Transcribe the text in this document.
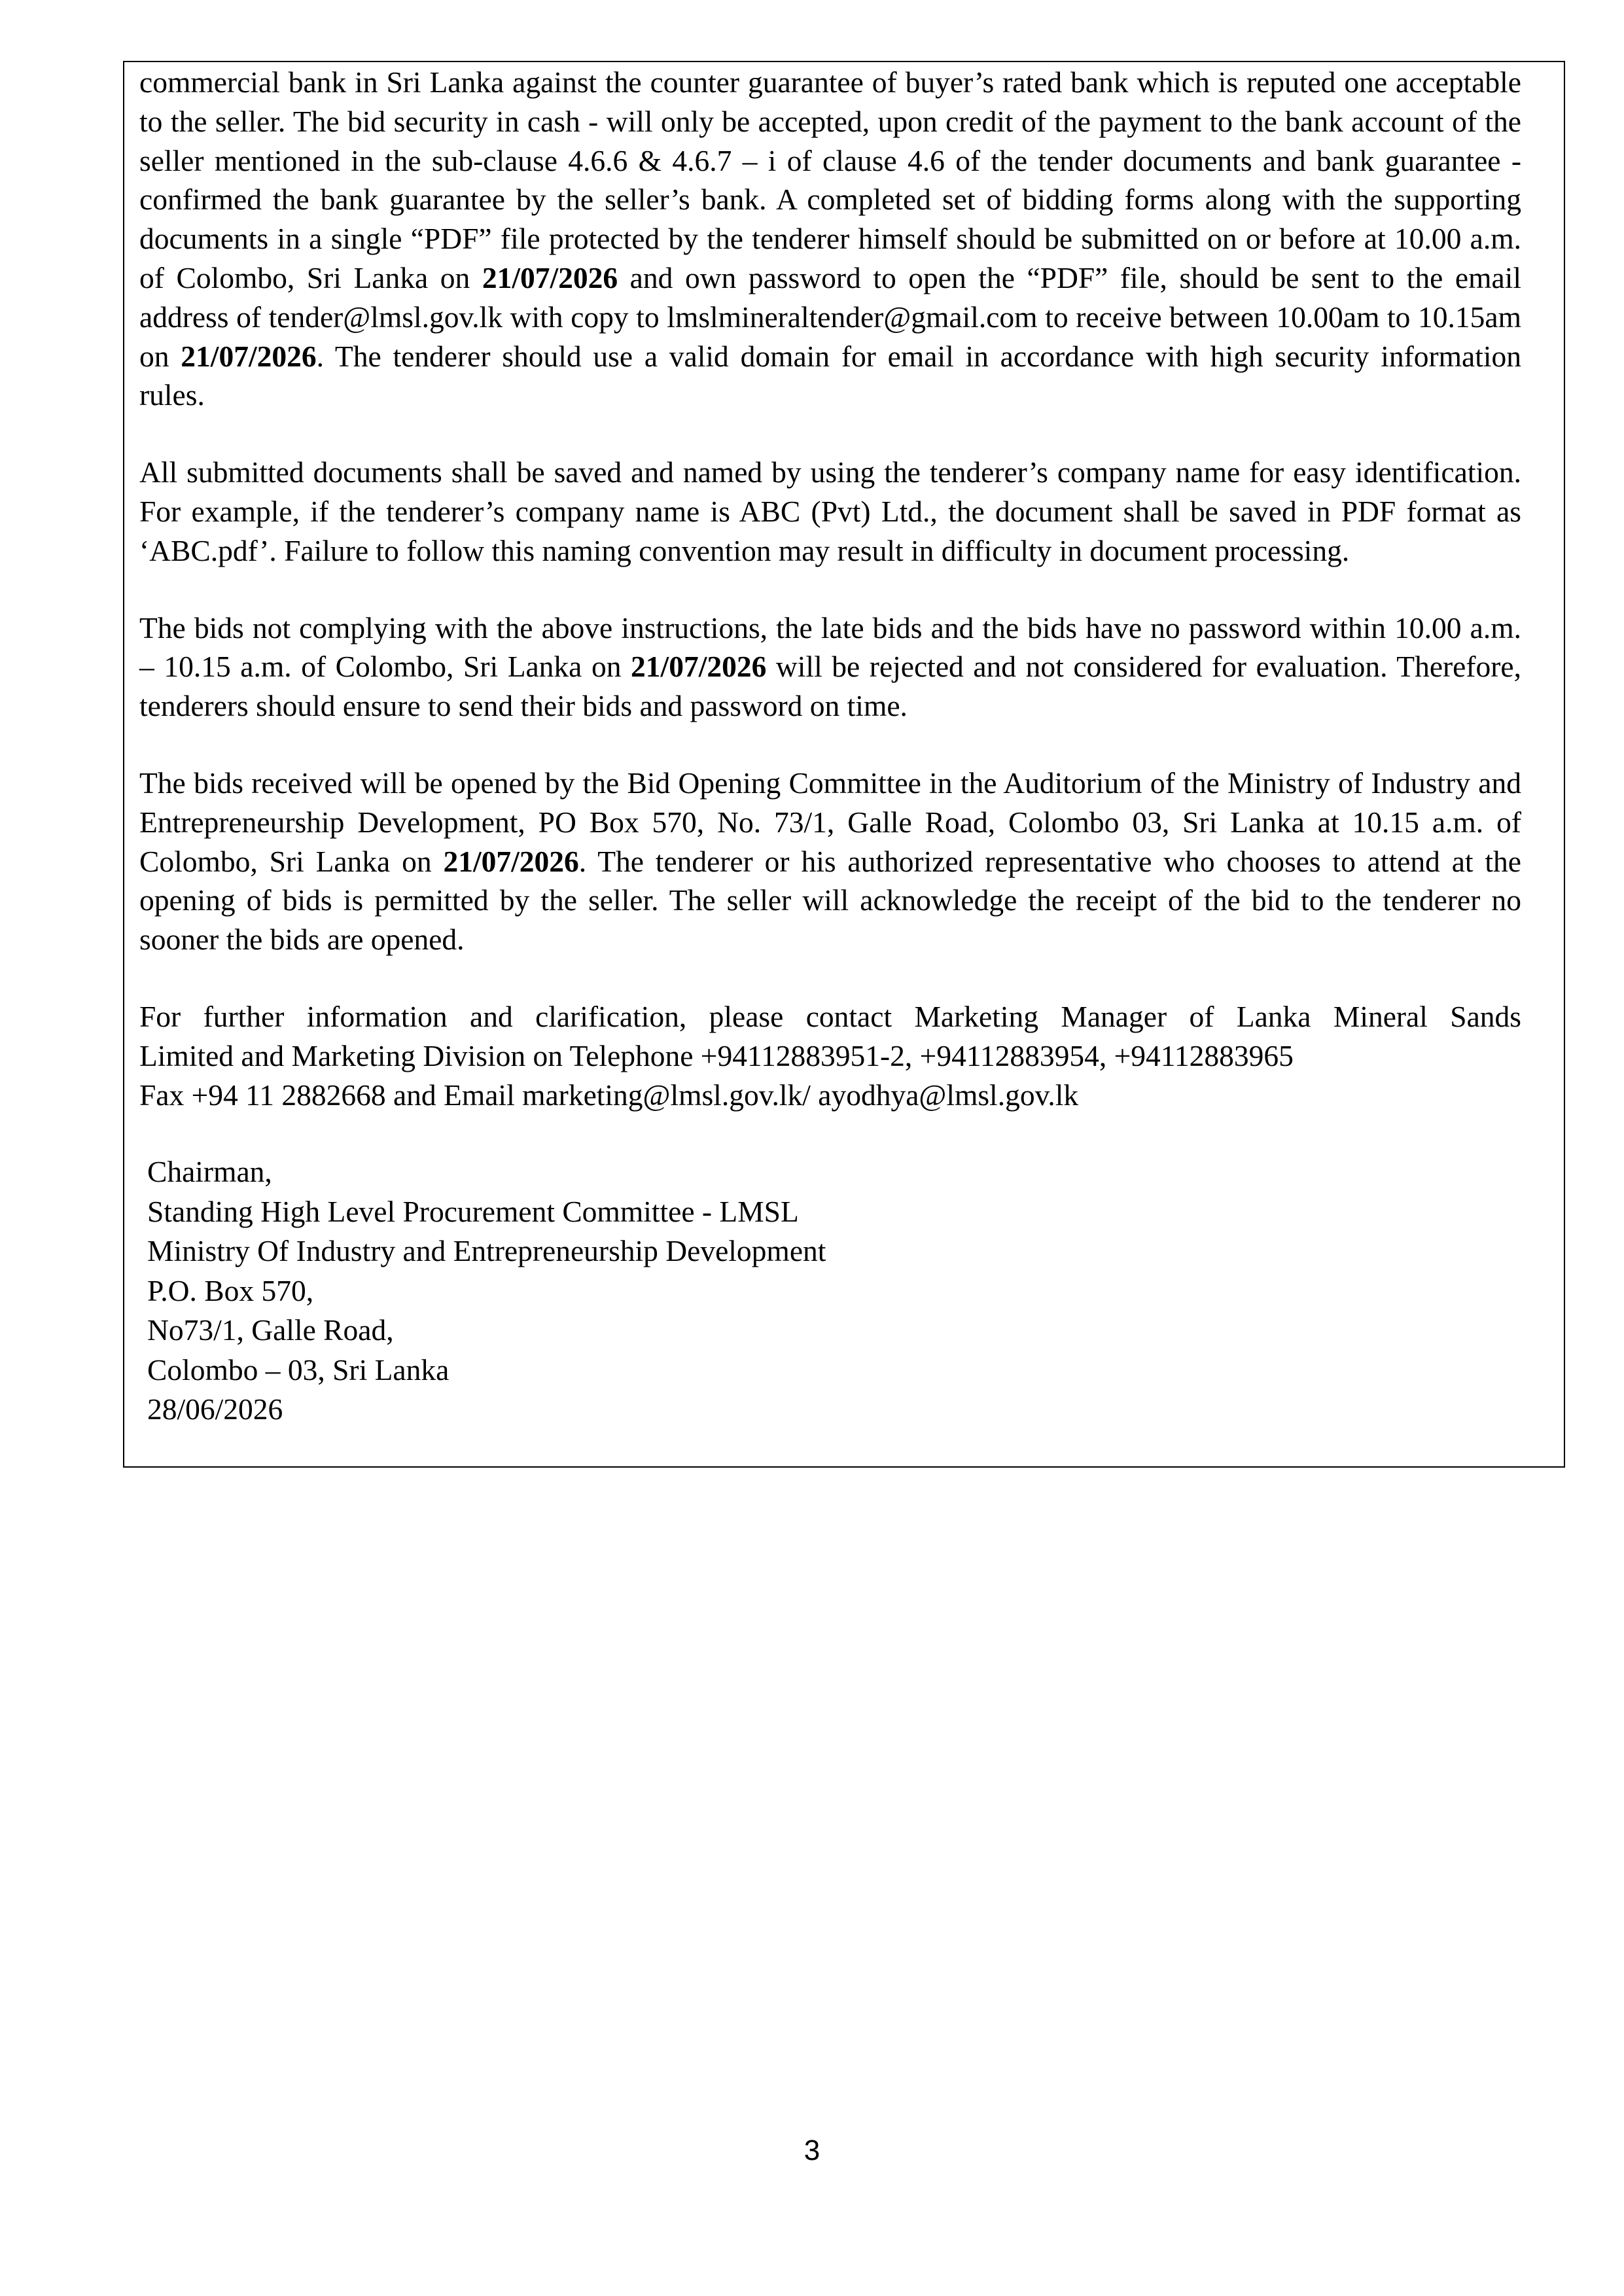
commercial bank in Sri Lanka against the counter guarantee of buyer’s rated bank which is reputed one acceptable to the seller. The bid security in cash - will only be accepted, upon credit of the payment to the bank account of the seller mentioned in the sub-clause 4.6.6 & 4.6.7 – i of clause 4.6 of the tender documents and bank guarantee - confirmed the bank guarantee by the seller’s bank. A completed set of bidding forms along with the supporting documents in a single “PDF” file protected by the tenderer himself should be submitted on or before at 10.00 a.m. of Colombo, Sri Lanka on 21/07/2026 and own password to open the “PDF” file, should be sent to the email address of tender@lmsl.gov.lk with copy to lmslmineraltender@gmail.com to receive between 10.00am to 10.15am on 21/07/2026. The tenderer should use a valid domain for email in accordance with high security information rules.

All submitted documents shall be saved and named by using the tenderer’s company name for easy identification. For example, if the tenderer’s company name is ABC (Pvt) Ltd., the document shall be saved in PDF format as ‘ABC.pdf’. Failure to follow this naming convention may result in difficulty in document processing.

The bids not complying with the above instructions, the late bids and the bids have no password within 10.00 a.m. – 10.15 a.m. of Colombo, Sri Lanka on 21/07/2026 will be rejected and not considered for evaluation. Therefore, tenderers should ensure to send their bids and password on time.

The bids received will be opened by the Bid Opening Committee in the Auditorium of the Ministry of Industry and Entrepreneurship Development, PO Box 570, No. 73/1, Galle Road, Colombo 03, Sri Lanka at 10.15 a.m. of Colombo, Sri Lanka on 21/07/2026. The tenderer or his authorized representative who chooses to attend at the opening of bids is permitted by the seller. The seller will acknowledge the receipt of the bid to the tenderer no sooner the bids are opened.

For further information and clarification, please contact Marketing Manager of Lanka Mineral Sands
Limited and Marketing Division on Telephone +94112883951-2, +94112883954, +94112883965
Fax +94 11 2882668 and Email marketing@lmsl.gov.lk/ ayodhya@lmsl.gov.lk

Chairman,
Standing High Level Procurement Committee - LMSL
Ministry Of Industry and Entrepreneurship Development
P.O. Box 570,
No73/1, Galle Road,
Colombo – 03, Sri Lanka
28/06/2026
3
